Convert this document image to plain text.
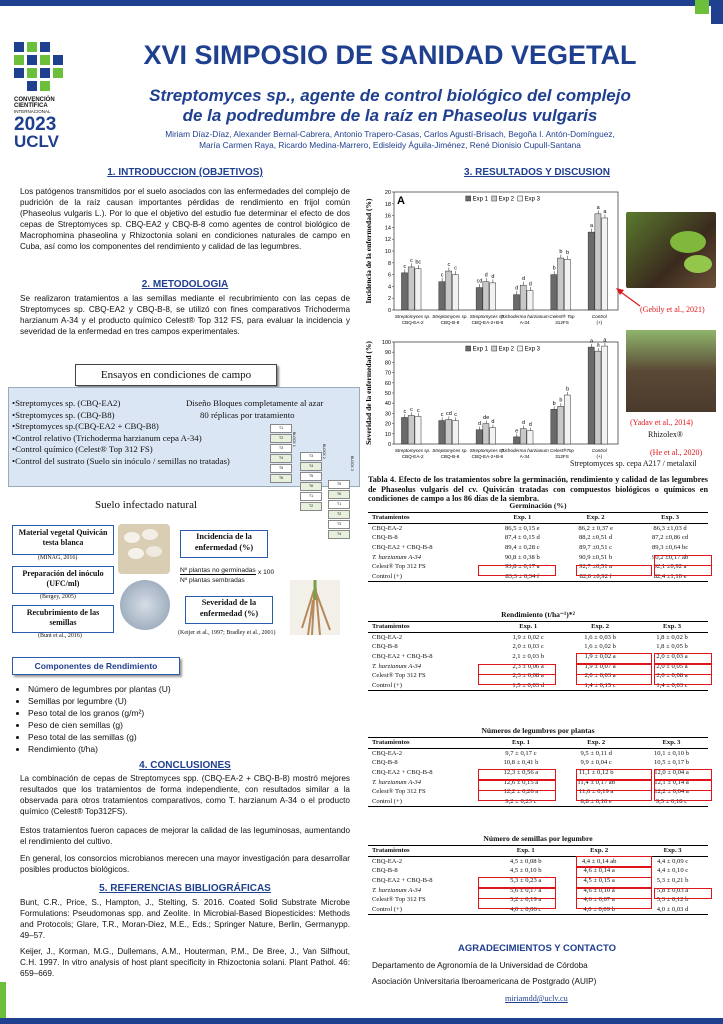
CONVENCIÓN
CIENTÍFICA
INTERNACIONAL
2023
UCLV
XVI SIMPOSIO DE SANIDAD VEGETAL
Streptomyces sp., agente de control biológico del complejo
de la podredumbre de la raíz en Phaseolus vulgaris
Miriam Díaz-Díaz, Alexander Bernal-Cabrera, Antonio Trapero-Casas, Carlos Agustí-Brisach, Begoña I. Antón-Domínguez,
María Carmen Raya, Ricardo Medina-Marrero, Edisleidy Águila-Jiménez, René Dionisio Cupull-Santana
1. INTRODUCCION (OBJETIVOS)
Los patógenos transmitidos por el suelo asociados con las enfermedades del complejo de pudrición de la raíz causan importantes pérdidas de rendimiento en frijol común (Phaseolus vulgaris L.). Por lo que el objetivo del estudio fue determinar el efecto de dos cepas de Streptomyces sp. CBQ-EA2 y CBQ-B-8 como agentes de control biológico de Macrophomina phaseolina y Rhizoctonia solani en condiciones naturales de campo en Cuba, así como los componentes del rendimiento y calidad de las legumbres.
2. METODOLOGIA
Se realizaron tratamientos a las semillas mediante el recubrimiento con las cepas de Streptomyces sp. CBQ-EA2 y CBQ-B-8, se utilizó con fines comparativos Trichoderma harzianum A-34 y el producto químico Celest® Top 312 FS, para evaluar la incidencia y severidad de la enfermedad en tres campos experimentales.
Ensayos en condiciones de campo
•Streptomyces sp. (CBQ-EA2)
•Streptomyces sp. (CBQ-B8)
•Streptomyces sp.(CBQ-EA2 + CBQ-B8)
•Control relativo (Trichoderma harzianum cepa A-34)
•Control químico (Celest® Top 312 FS)
•Control del sustrato (Suelo sin inóculo / semillas no tratadas)
Diseño Bloques completamente al azar
80 réplicas por tratamiento
BLOCK 1
T1
T2
T3
T4
T5
T6
BLOCK 2
T3
T4
T5
T6
T1
T2
BLOCK 3
T5
T6
T1
T2
T3
T4
Suelo infectado natural
Material vegetal Quivicán testa blanca
(MINAG, 2016)
Preparación del inóculo (UFC/ml)
(Bergey, 2005)
Recubrimiento de las semillas
(Bunt et al., 2016)
Incidencia de la enfermedad (%)
Nº plantas no germinadas x 100
Nº plantas sembradas
Severidad de la enfermedad (%)
(Keijer et al., 1997; Bradley et al., 2001)
Componentes de Rendimiento
• Número de legumbres por plantas (U)
• Semillas por legumbre (U)
• Peso total de los granos (g/m²)
• Peso de cien semillas (g)
• Peso total de las semillas (g)
• Rendimiento (t/ha)
4. CONCLUSIONES
La combinación de cepas de Streptomyces spp. (CBQ-EA-2 + CBQ-B-8) mostró mejores resultados que los tratamientos de forma independiente, con resultados similar a la observada para otros tratamientos comparativos, como T. harzianum A-34 o el producto químico (Celest® Top312FS).
Estos tratamientos fueron capaces de mejorar la calidad de las leguminosas, aumentando el rendimiento del cultivo.
En general, los consorcios microbianos merecen una mayor investigación para desarrollar posibles productos biológicos.
5. REFERENCIAS BIBLIOGRÁFICAS
Bunt, C.R., Price, S., Hampton, J., Stelting, S. 2016. Coated Solid Substrate Microbe Formulations: Pseudomonas spp. and Zeolite. In Microbial-Based Biopesticides: Methods and Protocols; Glare, T.R., Moran-Diez, M.E., Eds.; Springer Nature, Berlin, Germanypp. 49–57.
Keijer, J., Korman, M.G., Dullemans, A.M., Houterman, P.M., De Bree, J., Van Silfhout, C.H. 1997. In vitro analysis of host plant specificity in Rhizoctonia solani. Plant Pathol. 46: 659–669.
3. RESULTADOS Y DISCUSION
0
2
4
6
8
10
12
14
16
18
20
Incidencia de la enfermedad (%)	c
c bc
Streptomyces sp.
CBQ-EA-2
c
c
c
Streptomyces sp.
CBQ-B-8
cd
d d
Streptomyces sp.
CBQ-EA-2+B-8
d
d
d
Trichoderma harzianum
A-34
b
b b
Celest® Top
312FS
a
a
a
Control
(+)
A	Exp 1 Exp 2 Exp 3
0
10
20
30
40
50
60
70
80
90
100
Severidad de la enfermedad (%)	c c c
Streptomyces sp.
CBQ-EA-2
c cd c
Streptomyces sp.
CBQ-B-8
d
de
d
Streptomyces sp.
CBQ-EA-2+B-8
e
d d
Trichoderma harzianum
A-34
b
b
b
Celest®Top
312FS
a
a
a
Control
(+)
Exp 1 Exp 2 Exp 3
(Gebily et al., 2021)
(Yadav et al., 2014)
Rhizolex®
(He et al., 2020)
Streptomyces sp. cepa A217 / metalaxil
Tabla 4. Efecto de los tratamientos sobre la germinación, rendimiento y calidad de las legumbres de Phaseolus vulgaris del cv. Quivicán tratadas con compuestos biológicos o químicos en condiciones de campo a los 86 días de la siembra.
Germinación (%)
Tratamientos	Exp. 1	Exp. 2	Exp. 3
CBQ-EA-2	86,5 ± 0,15 e	86,2 ± 0,37 e	86,3 ±1,03 d
CBQ-B-8	87,4 ± 0,15 d	88,2 ±0,51 d	87,2 ±0,86 cd
CBQ-EA2 + CBQ-B-8	89,4 ± 0,28 c	89,7 ±0,51 c	89,3 ±0,64 bc
T. harzianum A-34	90,8 ± 0,38 b	90,9 ±0,51 b	90,2 ±0,17 ab
Celest® Top 312 FS	93,8 ± 0,17 a	92,7 ±0,51 a	92,1 ±0,92 a
Control (+)	83,3 ± 0,34 f	82,0 ±0,92 f	82,4 ±1,10 e
Rendimiento (t/ha⁻¹)*²
Tratamientos	Exp. 1	Exp. 2	Exp. 3
CBQ-EA-2	1,9 ± 0,02 c	1,6 ± 0,03 b	1,8 ± 0,02 b
CBQ-B-8	2,0 ± 0,03 c	1,6 ± 0,02 b	1,8 ± 0,05 b
CBQ-EA2 + CBQ-B-8	2,1 ± 0,03 b	1,9 ± 0,02 a	2,0 ± 0,03 a
T. harzianum A-34	2,3 ± 0,06 a	1,9 ± 0,07 a	2,0 ± 0,05 a
Celest® Top 312 FS	2,3 ± 0,08 a	2,0 ± 0,03 a	2,0 ± 0,08 a
Control (+)	1,5 ± 0,03 d	1,4 ± 0,15 c	1,4 ± 0,03 c
Números de legumbres por plantas
Tratamientos	Exp. 1	Exp. 2	Exp. 3
CBQ-EA-2	9,7 ± 0,17 c	9,5 ± 0,11 d	10,1 ± 0,10 b
CBQ-B-8	10,8 ± 0,41 b	9,9 ± 0,04 c	10,5 ± 0,17 b
CBQ-EA2 + CBQ-B-8	12,3 ± 0,56 a	11,1 ± 0,12 b	12,0 ± 0,04 a
T. harzianum A-34	12,6 ± 0,15 a	11,4 ± 0,17 ab	12,1 ± 0,14 a
Celest® Top 312 FS	12,2 ± 0,26 a	11,6 ± 0,19 a	12,2 ± 0,04 a
Control (+)	9,2 ± 0,23 c	8,8 ± 0,10 e	9,5 ± 0,18 c
Número de semillas por legumbre
Tratamientos	Exp. 1	Exp. 2	Exp. 3
CBQ-EA-2	4,5 ± 0,08 b	4,4 ± 0,14 ab	4,4 ± 0,09 c
CBQ-B-8	4,5 ± 0,10 b	4,6 ± 0,14 a	4,4 ± 0,10 c
CBQ-EA2 + CBQ-B-8	5,3 ± 0,23 a	4,5 ± 0,15 a	5,3 ± 0,21 b
T. harzianum A-34	5,6 ± 0,17 a	4,6 ± 0,10 a	5,8 ± 0,03 a
Celest® Top 312 FS	5,2 ± 0,19 a	4,6 ± 0,07 a	5,3 ± 0,12 b
Control (+)	4,0 ± 0,06 c	4,0 ± 0,09 b	4,0 ± 0,03 d
AGRADECIMIENTOS Y CONTACTO
Departamento de Agronomía de la Universidad de Córdoba
Asociación Universitaria Iberoamericana de Postgrado (AUIP)
miriamdd@uclv.cu
